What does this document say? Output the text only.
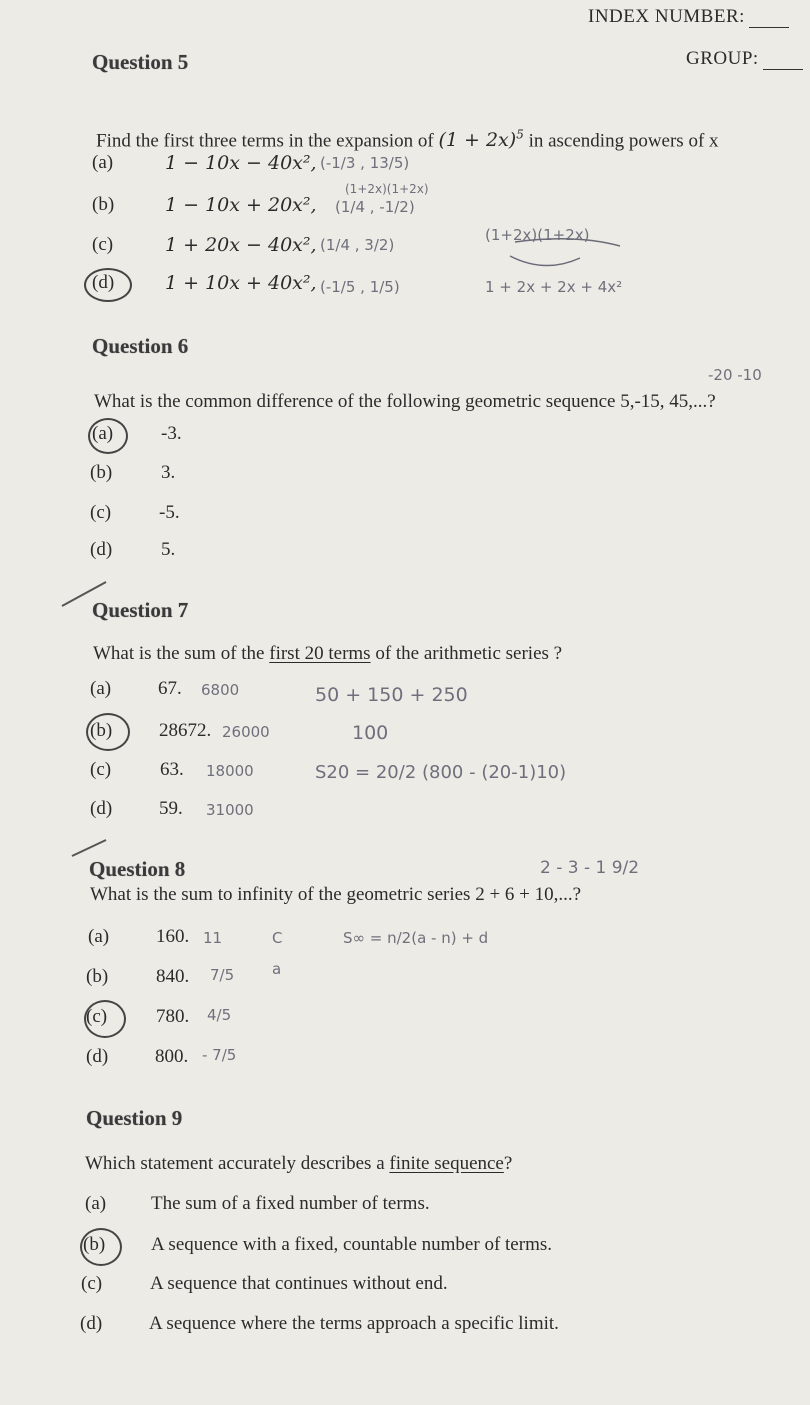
INDEX NUMBER:
GROUP:
Question 5
Find the first three terms in the expansion of $(1 + 2x)^5$ in ascending powers of x
(a)	1 − 10x − 40x², (-1/3 , 13/5)
(1+2x)(1+2x)
(b)	1 − 10x + 20x², (1/4 , -1/2)
(c)	1 + 20x − 40x², (1/4 , 3/2)
(1+2x)(1+2x)
(d)	1 + 10x + 40x², (-1/5 , 1/5)	1 + 2x + 2x + 4x²
Question 6
-20 -10
What is the common difference of the following geometric sequence 5,-15, 45,...?
(a)	-3.
(b)	3.
(c)	-5.
(d)	5.
Question 7
What is the sum of the first 20 terms of the arithmetic series ?
(a) 67. 6800	50 + 150 + 250
100
(b) 28672. 26000
(c)	63. 18000	S20 = 20/2 (800 - (20-1)10)
(d) 59. 31000
Question 8	2 - 3 - 1 9/2
What is the sum to infinity of the geometric series 2 + 6 + 10,...?
(a) 160. 11	C	S∞ = n/2(a - n) + d
(b)	840. 7/5	a
(c)	780. 4/5
(d) 800. - 7/5
Question 9
Which statement accurately describes a finite sequence?
(a) The sum of a fixed number of terms.
(b) A sequence with a fixed, countable number of terms.
(c)	A sequence that continues without end.
(d) A sequence where the terms approach a specific limit.
